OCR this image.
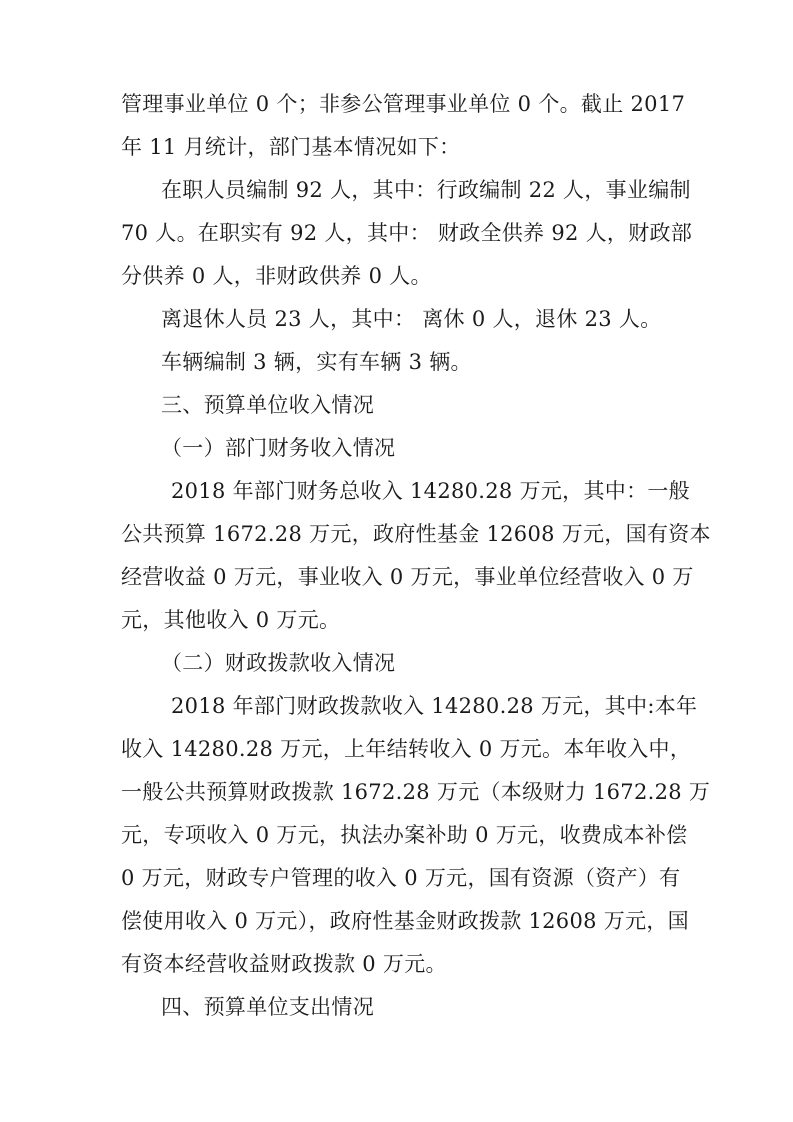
管理事业单位 0 个；非参公管理事业单位 0 个。截止 2017
年 11 月统计，部门基本情况如下：
在职人员编制 92 人，其中：行政编制 22 人，事业编制
70 人。在职实有 92 人，其中： 财政全供养 92 人，财政部
分供养 0 人，非财政供养 0 人。
离退休人员 23 人，其中： 离休 0 人，退休 23 人。
车辆编制 3 辆，实有车辆 3 辆。
三、预算单位收入情况
（一）部门财务收入情况
2018 年部门财务总收入 14280.28 万元，其中：一般
公共预算 1672.28 万元，政府性基金 12608 万元，国有资本
经营收益 0 万元，事业收入 0 万元，事业单位经营收入 0 万
元，其他收入 0 万元。
（二）财政拨款收入情况
2018 年部门财政拨款收入 14280.28 万元，其中:本年
收入 14280.28 万元，上年结转收入 0 万元。本年收入中，
一般公共预算财政拨款 1672.28 万元（本级财力 1672.28 万
元，专项收入 0 万元，执法办案补助 0 万元，收费成本补偿
0 万元，财政专户管理的收入 0 万元，国有资源（资产）有
偿使用收入 0 万元），政府性基金财政拨款 12608 万元，国
有资本经营收益财政拨款 0 万元。
四、预算单位支出情况
